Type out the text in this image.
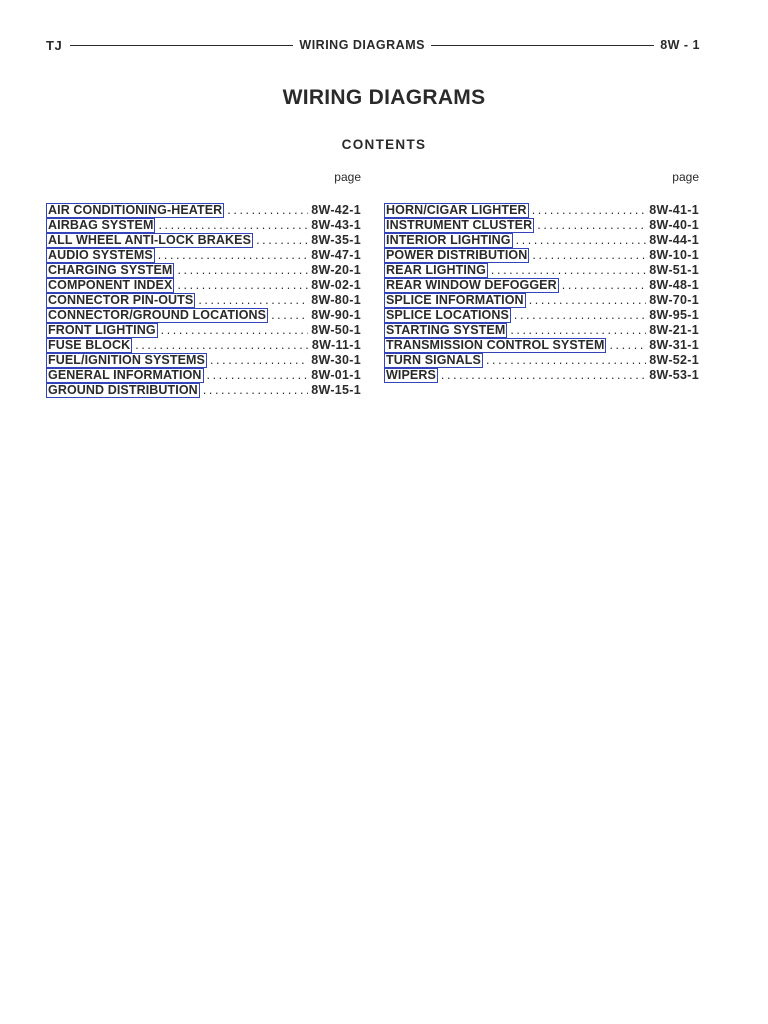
TJ	WIRING DIAGRAMS	8W - 1
WIRING DIAGRAMS
CONTENTS
page
AIR CONDITIONING-HEATER .....	8W-42-1
AIRBAG SYSTEM .....	8W-43-1
ALL WHEEL ANTI-LOCK BRAKES .....	8W-35-1
AUDIO SYSTEMS .....	8W-47-1
CHARGING SYSTEM .....	8W-20-1
COMPONENT INDEX .....	8W-02-1
CONNECTOR PIN-OUTS .....	8W-80-1
CONNECTOR/GROUND LOCATIONS .....	8W-90-1
FRONT LIGHTING .....	8W-50-1
FUSE BLOCK .....	8W-11-1
FUEL/IGNITION SYSTEMS .....	8W-30-1
GENERAL INFORMATION .....	8W-01-1
GROUND DISTRIBUTION .....	8W-15-1
page
HORN/CIGAR LIGHTER .....	8W-41-1
INSTRUMENT CLUSTER .....	8W-40-1
INTERIOR LIGHTING .....	8W-44-1
POWER DISTRIBUTION .....	8W-10-1
REAR LIGHTING .....	8W-51-1
REAR WINDOW DEFOGGER .....	8W-48-1
SPLICE INFORMATION .....	8W-70-1
SPLICE LOCATIONS .....	8W-95-1
STARTING SYSTEM .....	8W-21-1
TRANSMISSION CONTROL SYSTEM .....	8W-31-1
TURN SIGNALS .....	8W-52-1
WIPERS .....	8W-53-1
